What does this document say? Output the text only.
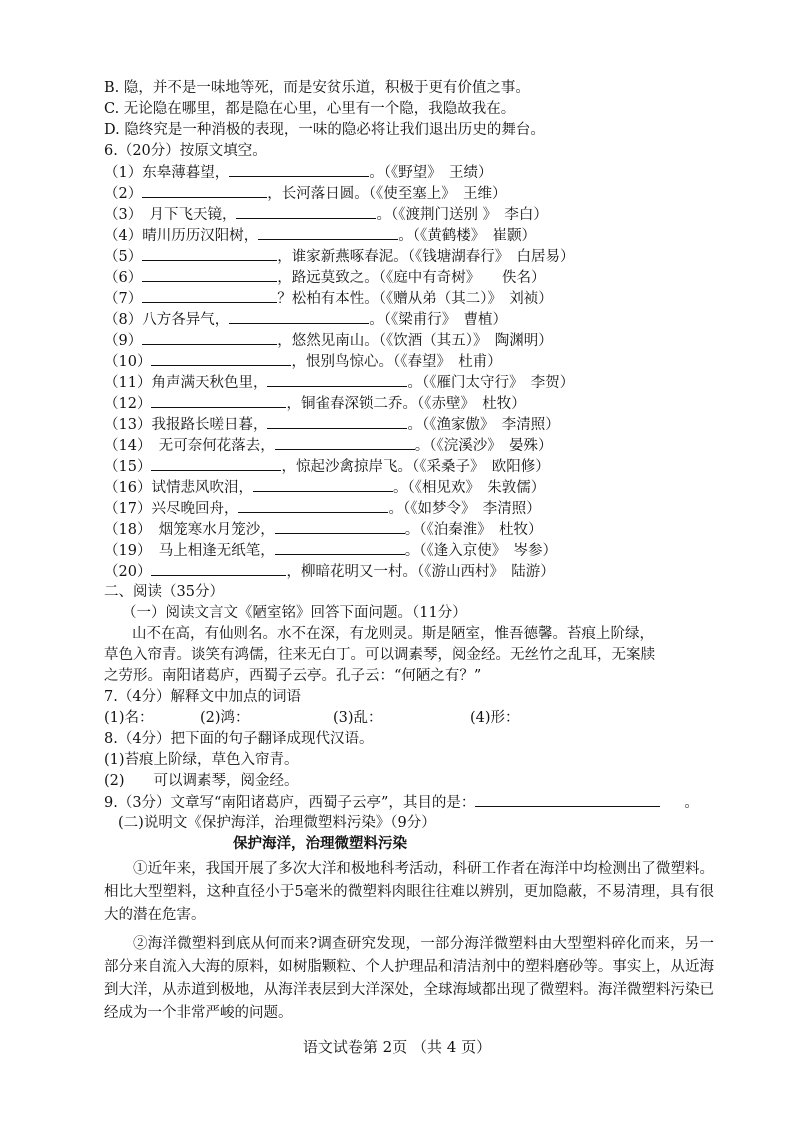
B. 隐，并不是一味地等死，而是安贫乐道，积极于更有价值之事。
C. 无论隐在哪里，都是隐在心里，心里有一个隐，我隐故我在。
D. 隐终究是一种消极的表现，一味的隐必将让我们退出历史的舞台。
6.（20分）按原文填空。
（1）东皋薄暮望，	。（《野望》　王绩）
（2）	，长河落日圆。（《使至塞上》　王维）
（3）　月下飞天镜，	。（《渡荆门送别 》　李白）
（4）晴川历历汉阳树，	。（《黄鹤楼》　崔颢）
（5）	，谁家新燕啄春泥。（《钱塘湖春行》　白居易）
（6）	，路远莫致之。（《庭中有奇树》　　佚名）
（7）	？松柏有本性。（《赠从弟（其二）》　刘祯）
（8）八方各异气，	。（《梁甫行》　曹植）
（9）	，悠然见南山。（《饮酒（其五）》　陶渊明）
（10）	，恨别鸟惊心。（《春望》　杜甫）
（11）角声满天秋色里，	。（《雁门太守行》　李贺）
（12）	，铜雀春深锁二乔。（《赤壁》　杜牧）
（13）我报路长嗟日暮，	。（《渔家傲》　李清照）
（14）　无可奈何花落去，	。（《浣溪沙》　晏殊）
（15）	，惊起沙禽掠岸飞。（《采桑子》　欧阳修）
（16）试情悲风吹泪，	。（《相见欢》　朱敦儒）
（17）兴尽晚回舟，	。（《如梦令》　李清照）
（18）　烟笼寒水月笼沙，	。（《泊秦淮》　杜牧）
（19）　马上相逢无纸笔，	。（《逢入京使》　岑参）
（20）	，柳暗花明又一村。（《游山西村》　陆游）
二、阅读（35分）
（一）阅读文言文《陋室铭》回答下面问题。（11分）
山不在高，有仙则名。水不在深，有龙则灵。斯是陋室，惟吾德馨。苔痕上阶绿，
草色入帘青。谈笑有鸿儒，往来无白丁。可以调素琴，阅金经。无丝竹之乱耳，无案牍
之劳形。南阳诸葛庐，西蜀子云亭。孔子云：“何陋之有？”
7.（4分）解释文中加点的词语
(1)名：	(2)鸿：	(3)乱：	(4)形：
8.（4分）把下面的句子翻译成现代汉语。
(1)苔痕上阶绿，草色入帘青。
(2)　　可以调素琴，阅金经。
9.（3分）文章写“南阳诸葛庐，西蜀子云亭”，其目的是：	。
(二)说明文《保护海洋，治理微塑料污染》（9分）
保护海洋，治理微塑料污染

①近年来，我国开展了多次大洋和极地科考活动，科研工作者在海洋中均检测出了微塑料。相比大型塑料，这种直径小于5毫米的微塑料肉眼往往难以辨别，更加隐蔽，不易清理，具有很大的潜在危害。

②海洋微塑料到底从何而来?调查研究发现，一部分海洋微塑料由大型塑料碎化而来，另一部分来自流入大海的原料，如树脂颗粒、个人护理品和清洁剂中的塑料磨砂等。事实上，从近海到大洋，从赤道到极地，从海洋表层到大洋深处，全球海域都出现了微塑料。海洋微塑料污染已经成为一个非常严峻的问题。

语文试卷第 2页 （共 4 页）
